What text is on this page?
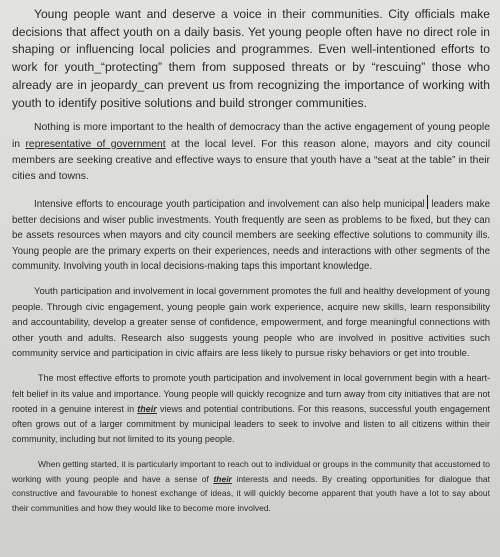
Young people want and deserve a voice in their communities. City officials make decisions that affect youth on a daily basis. Yet young people often have no direct role in shaping or influencing local policies and programmes. Even well-intentioned efforts to work for youth_“protecting” them from supposed threats or by “rescuing” those who already are in jeopardy_can prevent us from recognizing the importance of working with youth to identify positive solutions and build stronger communities.

Nothing is more important to the health of democracy than the active engagement of young people in representative of government at the local level. For this reason alone, mayors and city council members are seeking creative and effective ways to ensure that youth have a “seat at the table” in their cities and towns.

Intensive efforts to encourage youth participation and involvement can also help municipal leaders make better decisions and wiser public investments. Youth frequently are seen as problems to be fixed, but they can be assets resources when mayors and city council members are seeking effective solutions to community ills. Young people are the primary experts on their experiences, needs and interactions with other segments of the community. Involving youth in local decisions-making taps this important knowledge.

Youth participation and involvement in local government promotes the full and healthy development of young people. Through civic engagement, young people gain work experience, acquire new skills, learn responsibility and accountability, develop a greater sense of confidence, empowerment, and forge meaningful connections with other youth and adults. Research also suggests young people who are involved in positive activities such community service and participation in civic affairs are less likely to pursue risky behaviors or get into trouble.

The most effective efforts to promote youth participation and involvement in local government begin with a heart-felt belief in its value and importance. Young people will quickly recognize and turn away from city initiatives that are not rooted in a genuine interest in their views and potential contributions. For this reasons, successful youth engagement often grows out of a larger commitment by municipal leaders to seek to involve and listen to all citizens within their community, including but not limited to its young people.

When getting started, it is particularly important to reach out to individual or groups in the community that accustomed to working with young people and have a sense of their interests and needs. By creating opportunities for dialogue that constructive and favourable to honest exchange of ideas, it will quickly become apparent that youth have a lot to say about their communities and how they would like to become more involved.
